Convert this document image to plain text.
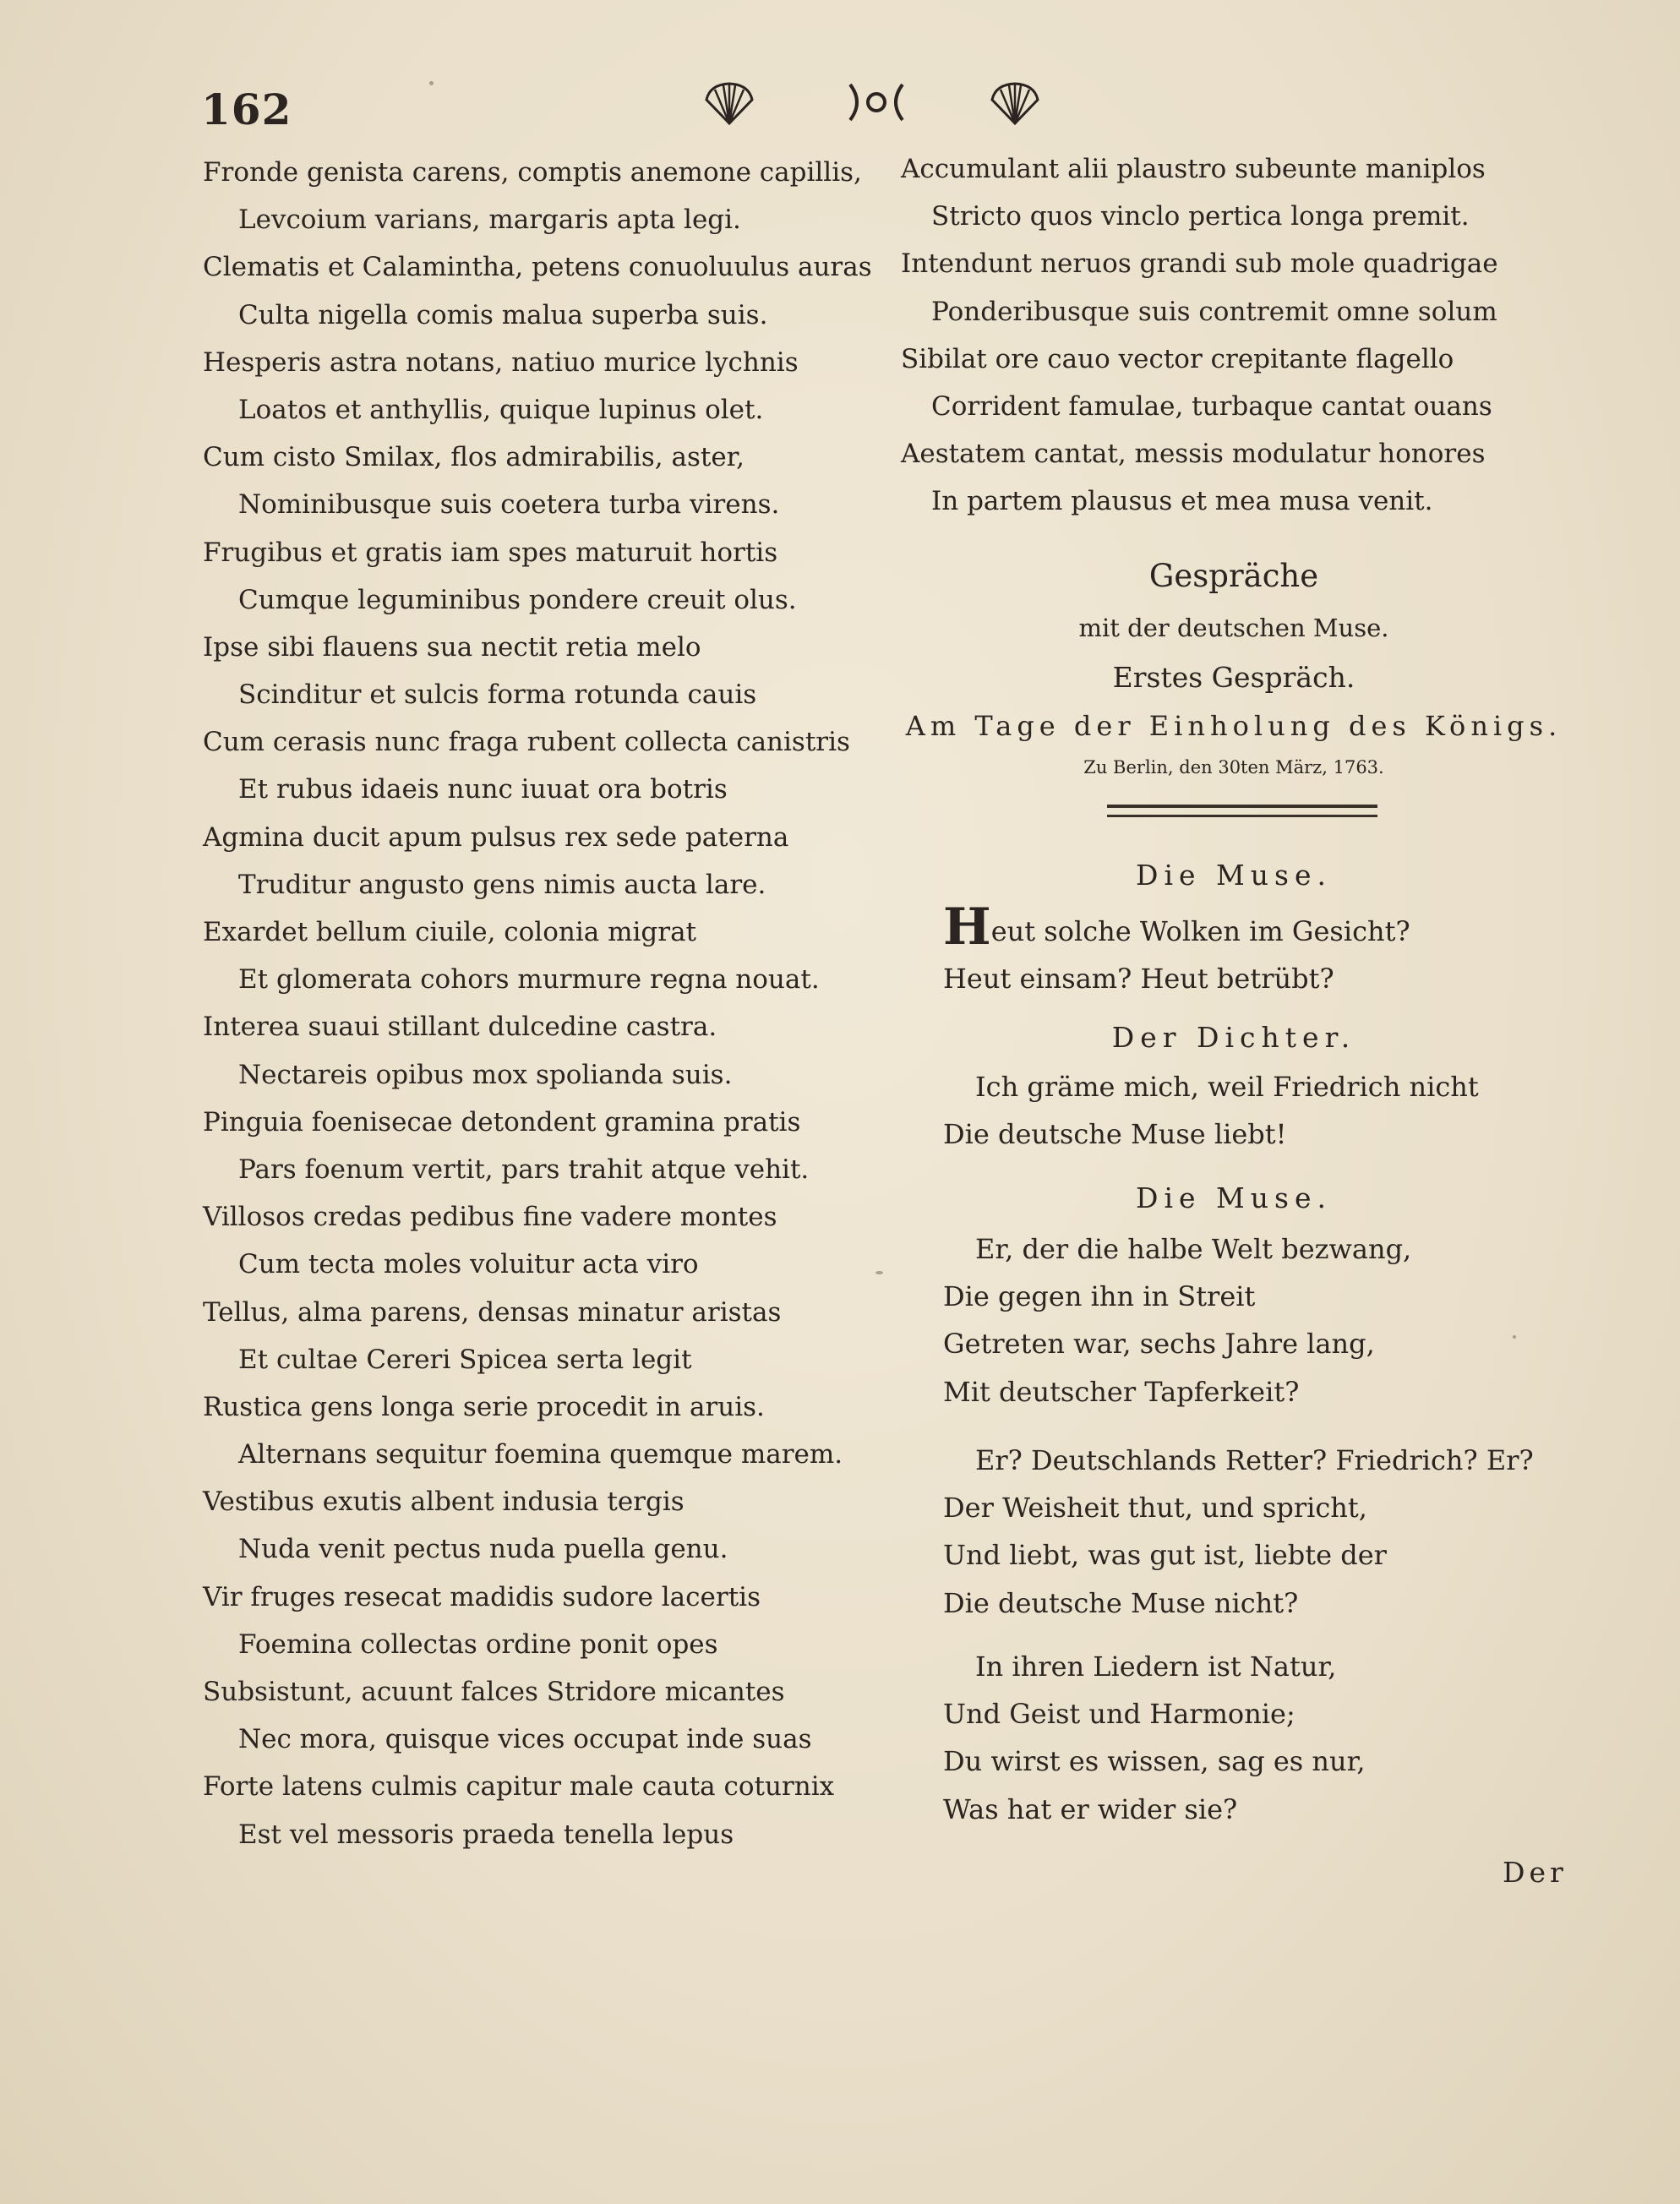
162
Fronde genista carens, comptis anemone capillis,
Levcoium varians, margaris apta legi.
Clematis et Calamintha, petens conuoluulus auras
Culta nigella comis malua superba suis.
Hesperis astra notans, natiuo murice lychnis
Loatos et anthyllis, quique lupinus olet.
Cum cisto Smilax, flos admirabilis, aster,
Nominibusque suis coetera turba virens.
Frugibus et gratis iam spes maturuit hortis
Cumque leguminibus pondere creuit olus.
Ipse sibi flauens sua nectit retia melo
Scinditur et sulcis forma rotunda cauis
Cum cerasis nunc fraga rubent collecta canistris
Et rubus idaeis nunc iuuat ora botris
Agmina ducit apum pulsus rex sede paterna
Truditur angusto gens nimis aucta lare.
Exardet bellum ciuile, colonia migrat
Et glomerata cohors murmure regna nouat.
Interea suaui stillant dulcedine castra.
Nectareis opibus mox spolianda suis.
Pinguia foenisecae detondent gramina pratis
Pars foenum vertit, pars trahit atque vehit.
Villosos credas pedibus fine vadere montes
Cum tecta moles voluitur acta viro
Tellus, alma parens, densas minatur aristas
Et cultae Cereri Spicea serta legit
Rustica gens longa serie procedit in aruis.
Alternans sequitur foemina quemque marem.
Vestibus exutis albent indusia tergis
Nuda venit pectus nuda puella genu.
Vir fruges resecat madidis sudore lacertis
Foemina collectas ordine ponit opes
Subsistunt, acuunt falces Stridore micantes
Nec mora, quisque vices occupat inde suas
Forte latens culmis capitur male cauta coturnix
Est vel messoris praeda tenella lepus
Accumulant alii plaustro subeunte maniplos
Stricto quos vinclo pertica longa premit.
Intendunt neruos grandi sub mole quadrigae
Ponderibusque suis contremit omne solum
Sibilat ore cauo vector crepitante flagello
Corrident famulae, turbaque cantat ouans
Aestatem cantat, messis modulatur honores
In partem plausus et mea musa venit.
Gespräche
mit der deutschen Muse.
Erstes Gespräch.
Am Tage der Einholung des Königs.
Zu Berlin, den 30ten März, 1763.
Die Muse.
Heut solche Wolken im Gesicht?
Heut einsam? Heut betrübt?
Der Dichter.
Ich gräme mich, weil Friedrich nicht
Die deutsche Muse liebt!
Die Muse.
Er, der die halbe Welt bezwang,
Die gegen ihn in Streit
Getreten war, sechs Jahre lang,
Mit deutscher Tapferkeit?
Er? Deutschlands Retter? Friedrich? Er?
Der Weisheit thut, und spricht,
Und liebt, was gut ist, liebte der
Die deutsche Muse nicht?
In ihren Liedern ist Natur,
Und Geist und Harmonie;
Du wirst es wissen, sag es nur,
Was hat er wider sie?
Der
